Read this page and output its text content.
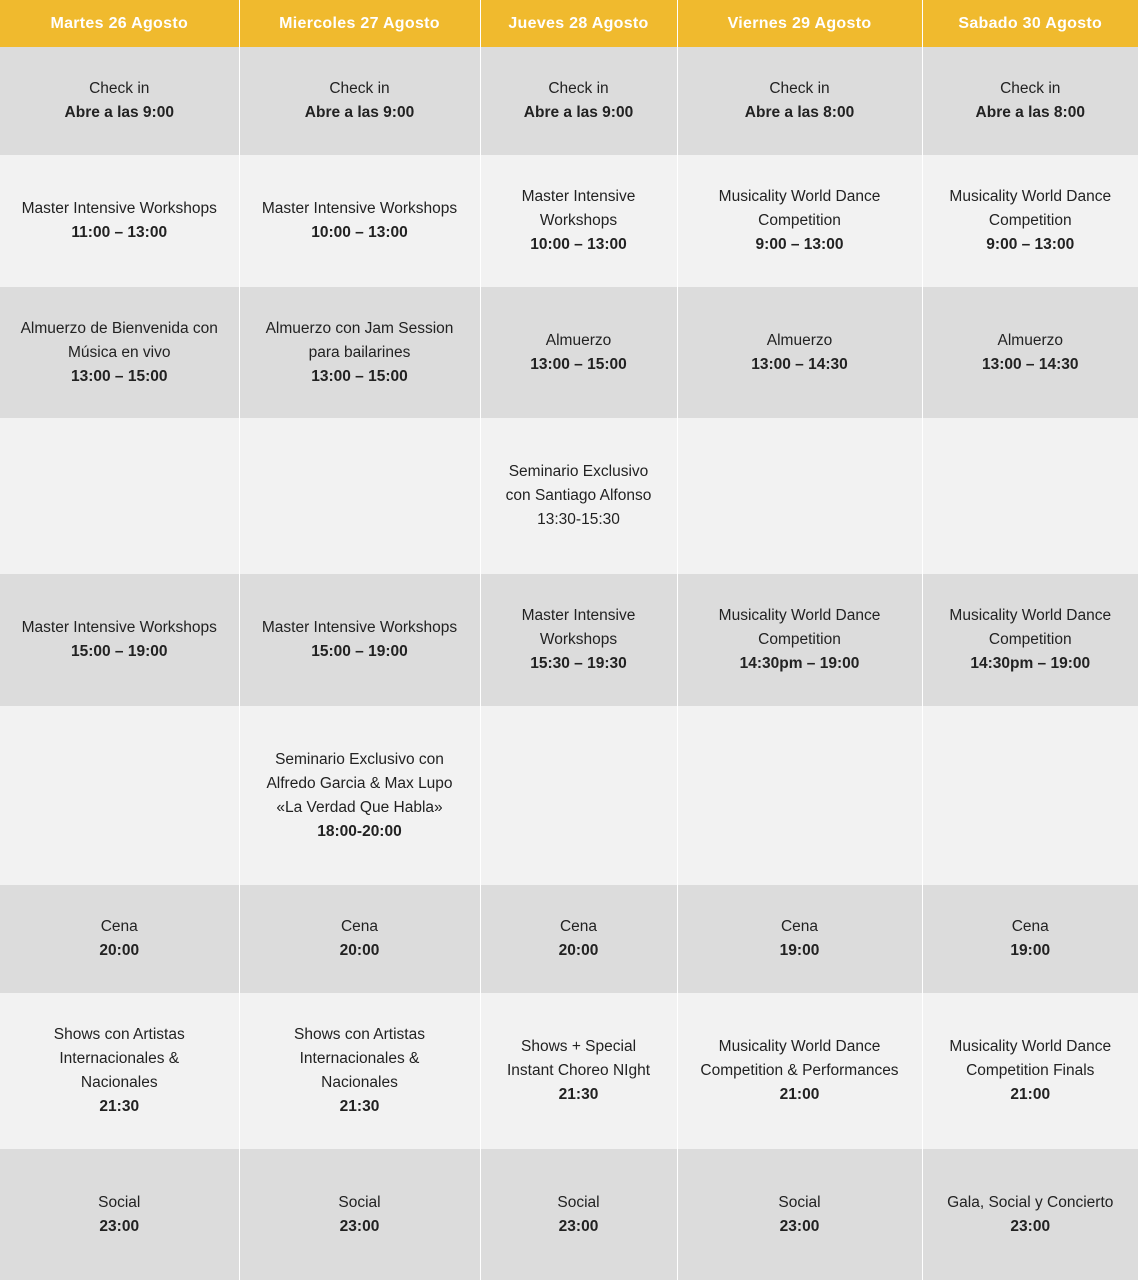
Martes 26 Agosto	Miercoles 27 Agosto	Jueves 28 Agosto	Viernes 29 Agosto	Sabado 30 Agosto

Check in
Abre a las 9:00	Check in
Abre a las 9:00	Check in
Abre a las 9:00	Check in
Abre a las 8:00	Check in
Abre a las 8:00

Master Intensive Workshops
11:00 – 13:00	Master Intensive Workshops
10:00 – 13:00	Master Intensive Workshops
10:00 – 13:00	Musicality World Dance Competition
9:00 – 13:00	Musicality World Dance Competition
9:00 – 13:00

Almuerzo de Bienvenida con Música en vivo
13:00 – 15:00	Almuerzo con Jam Session para bailarines
13:00 – 15:00	Almuerzo
13:00 – 15:00	Almuerzo
13:00 – 14:30	Almuerzo
13:00 – 14:30

		Seminario Exclusivo con Santiago Alfonso
13:30-15:30		

Master Intensive Workshops
15:00 – 19:00	Master Intensive Workshops
15:00 – 19:00	Master Intensive Workshops
15:30 – 19:30	Musicality World Dance Competition
14:30pm – 19:00	Musicality World Dance Competition
14:30pm – 19:00

	Seminario Exclusivo con Alfredo Garcia & Max Lupo
«La Verdad Que Habla»
18:00-20:00			

Cena
20:00	Cena
20:00	Cena
20:00	Cena
19:00	Cena
19:00

Shows con Artistas Internacionales & Nacionales
21:30	Shows con Artistas Internacionales & Nacionales
21:30	Shows + Special Instant Choreo NIght
21:30	Musicality World Dance Competition & Performances
21:00	Musicality World Dance Competition Finals
21:00

Social
23:00	Social
23:00	Social
23:00	Social
23:00	Gala, Social y Concierto
23:00
